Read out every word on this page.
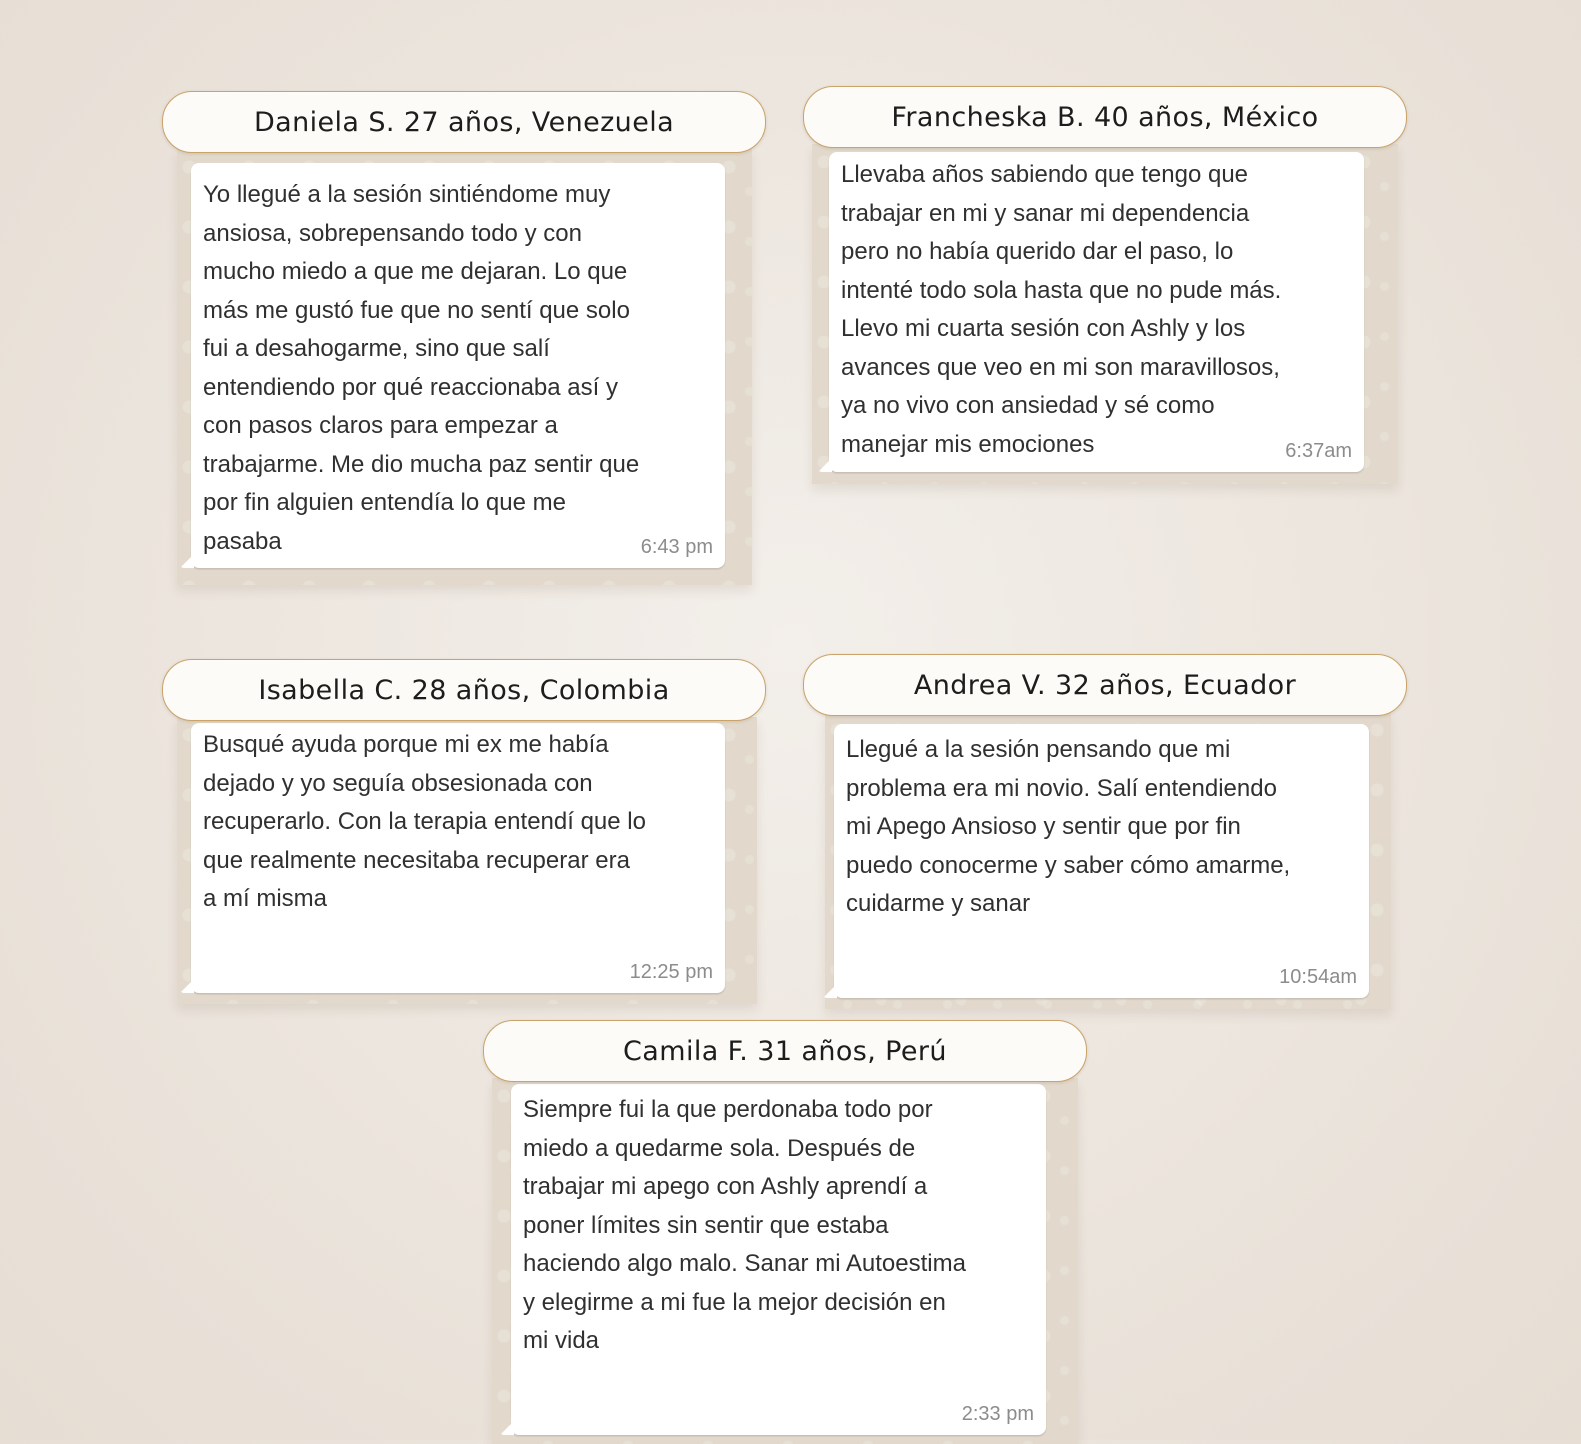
Daniela S. 27 años, Venezuela

Yo llegué a la sesión sintiéndome muy
ansiosa, sobrepensando todo y con
mucho miedo a que me dejaran. Lo que
más me gustó fue que no sentí que solo
fui a desahogarme, sino que salí
entendiendo por qué reaccionaba así y
con pasos claros para empezar a
trabajarme. Me dio mucha paz sentir que
por fin alguien entendía lo que me
pasaba	6:43 pm
Francheska B. 40 años, México

Llevaba años sabiendo que tengo que
trabajar en mi y sanar mi dependencia
pero no había querido dar el paso, lo
intenté todo sola hasta que no pude más.
Llevo mi cuarta sesión con Ashly y los
avances que veo en mi son maravillosos,
ya no vivo con ansiedad y sé como
manejar mis emociones	6:37am
Isabella C. 28 años, Colombia

Busqué ayuda porque mi ex me había
dejado y yo seguía obsesionada con
recuperarlo. Con la terapia entendí que lo
que realmente necesitaba recuperar era
a mí misma

12:25 pm
Andrea V. 32 años, Ecuador

Llegué a la sesión pensando que mi
problema era mi novio. Salí entendiendo
mi Apego Ansioso y sentir que por fin
puedo conocerme y saber cómo amarme,
cuidarme y sanar

10:54am
Camila F. 31 años, Perú

Siempre fui la que perdonaba todo por
miedo a quedarme sola. Después de
trabajar mi apego con Ashly aprendí a
poner límites sin sentir que estaba
haciendo algo malo. Sanar mi Autoestima
y elegirme a mi fue la mejor decisión en
mi vida

2:33 pm
